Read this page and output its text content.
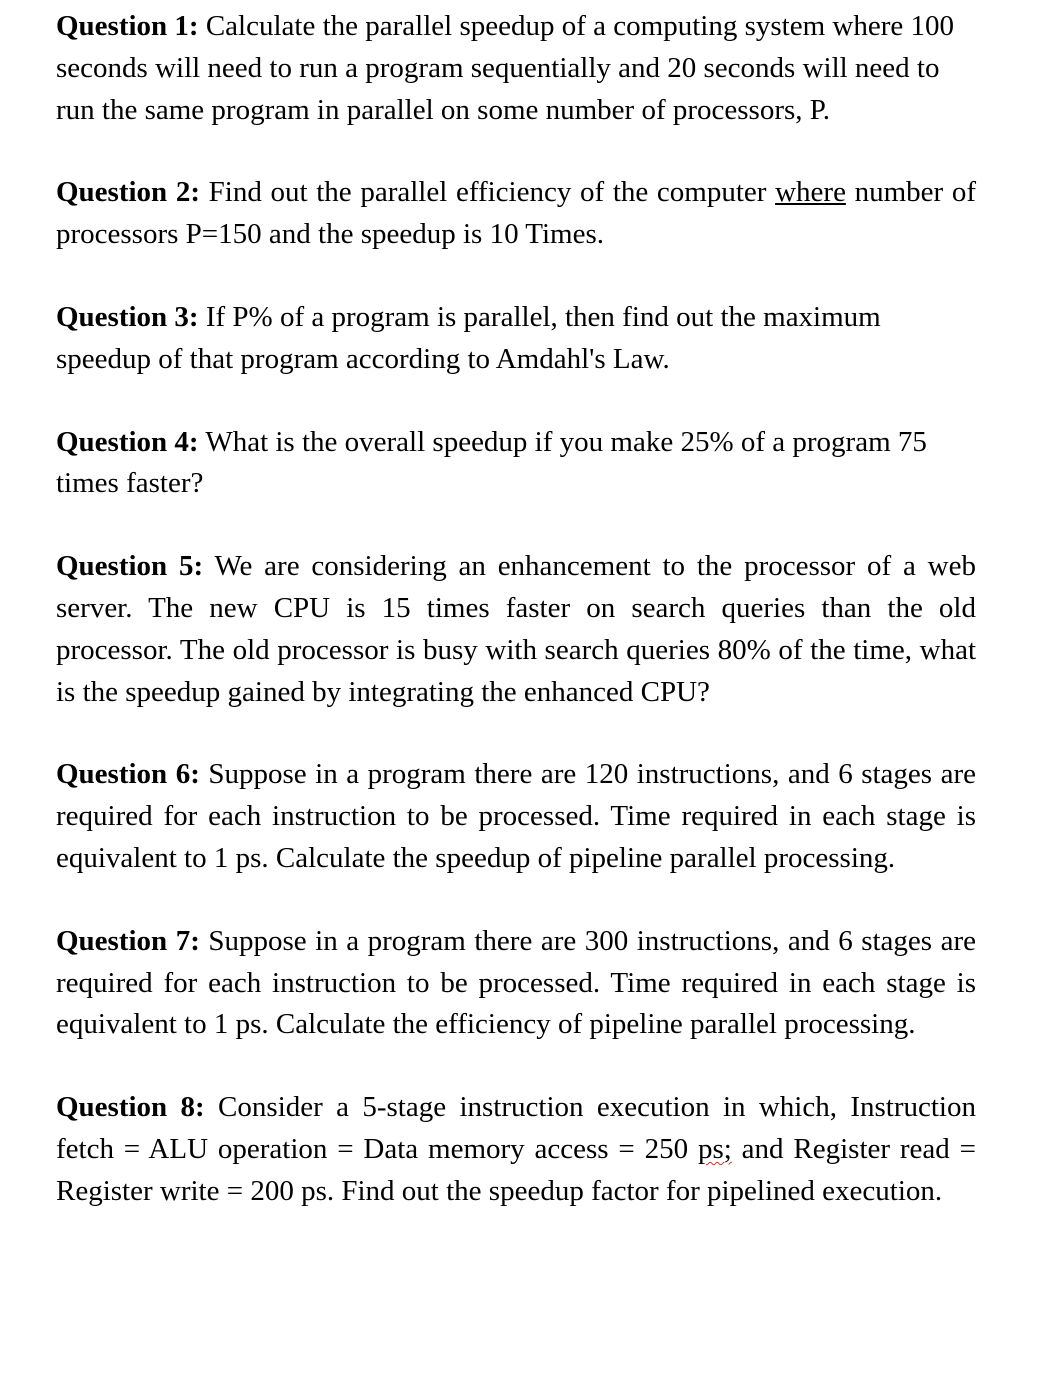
Question 1: Calculate the parallel speedup of a computing system where 100 seconds will need to run a program sequentially and 20 seconds will need to run the same program in parallel on some number of processors, P.

Question 2: Find out the parallel efficiency of the computer where number of processors P=150 and the speedup is 10 Times.

Question 3: If P% of a program is parallel, then find out the maximum speedup of that program according to Amdahl's Law.

Question 4: What is the overall speedup if you make 25% of a program 75 times faster?

Question 5: We are considering an enhancement to the processor of a web server. The new CPU is 15 times faster on search queries than the old processor. The old processor is busy with search queries 80% of the time, what is the speedup gained by integrating the enhanced CPU?

Question 6: Suppose in a program there are 120 instructions, and 6 stages are required for each instruction to be processed. Time required in each stage is equivalent to 1 ps. Calculate the speedup of pipeline parallel processing.

Question 7: Suppose in a program there are 300 instructions, and 6 stages are required for each instruction to be processed. Time required in each stage is equivalent to 1 ps. Calculate the efficiency of pipeline parallel processing.

Question 8: Consider a 5-stage instruction execution in which, Instruction fetch = ALU operation = Data memory access = 250 ps; and Register read = Register write = 200 ps. Find out the speedup factor for pipelined execution.
